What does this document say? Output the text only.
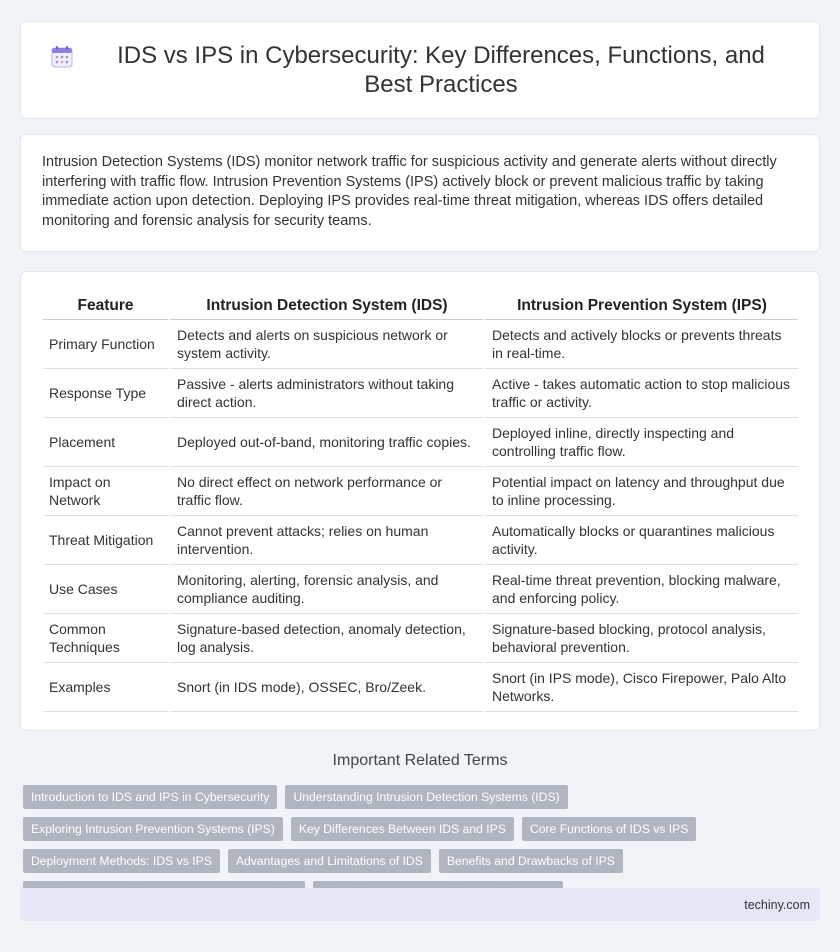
IDS vs IPS in Cybersecurity: Key Differences, Functions, and Best Practices

Intrusion Detection Systems (IDS) monitor network traffic for suspicious activity and generate alerts without directly interfering with traffic flow. Intrusion Prevention Systems (IPS) actively block or prevent malicious traffic by taking immediate action upon detection. Deploying IPS provides real-time threat mitigation, whereas IDS offers detailed monitoring and forensic analysis for security teams.

Feature	Intrusion Detection System (IDS)	Intrusion Prevention System (IPS)
Primary Function	Detects and alerts on suspicious network or system activity.	Detects and actively blocks or prevents threats in real-time.
Response Type	Passive - alerts administrators without taking direct action.	Active - takes automatic action to stop malicious traffic or activity.
Placement	Deployed out-of-band, monitoring traffic copies.	Deployed inline, directly inspecting and controlling traffic flow.
Impact on Network	No direct effect on network performance or traffic flow.	Potential impact on latency and throughput due to inline processing.
Threat Mitigation	Cannot prevent attacks; relies on human intervention.	Automatically blocks or quarantines malicious activity.
Use Cases	Monitoring, alerting, forensic analysis, and compliance auditing.	Real-time threat prevention, blocking malware, and enforcing policy.
Common Techniques	Signature-based detection, anomaly detection, log analysis.	Signature-based blocking, protocol analysis, behavioral prevention.
Examples	Snort (in IDS mode), OSSEC, Bro/Zeek.	Snort (in IPS mode), Cisco Firepower, Palo Alto Networks.
Important Related Terms
Introduction to IDS and IPS in Cybersecurity	Understanding Intrusion Detection Systems (IDS)
Exploring Intrusion Prevention Systems (IPS)	Key Differences Between IDS and IPS	Core Functions of IDS vs IPS
Deployment Methods: IDS vs IPS	Advantages and Limitations of IDS	Benefits and Drawbacks of IPS
techiny.com
